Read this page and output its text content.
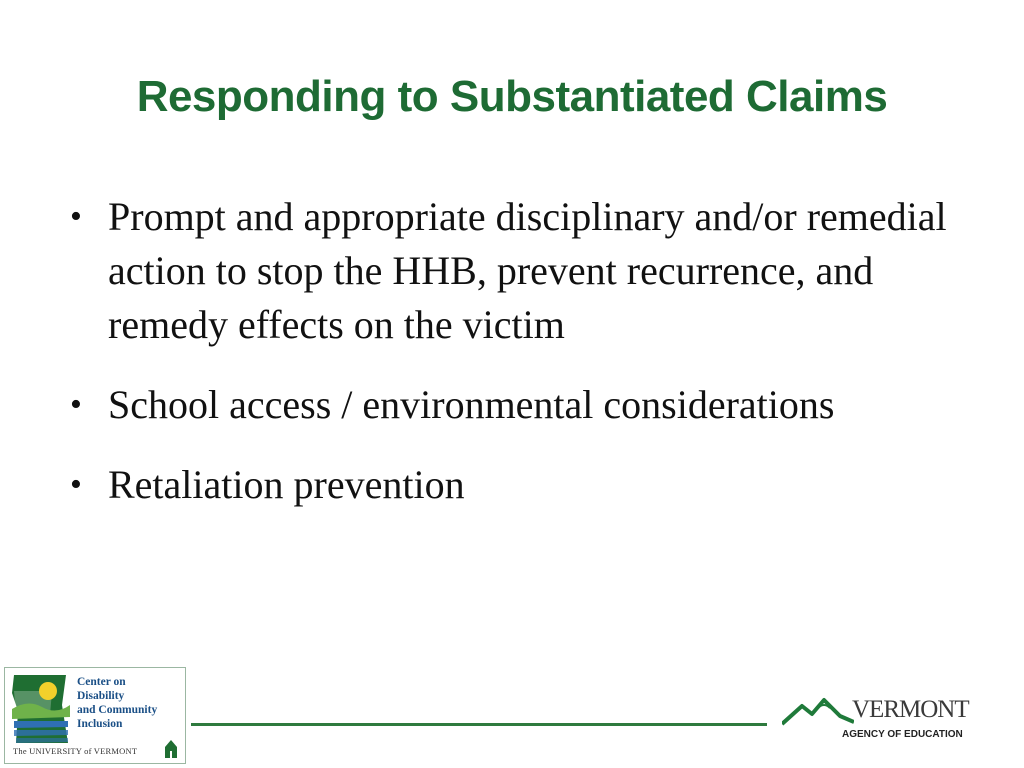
Responding to Substantiated Claims
• Prompt and appropriate disciplinary and/or remedial action to stop the HHB, prevent recurrence, and remedy effects on the victim
• School access / environmental considerations
• Retaliation prevention
Center on
Disability
and Community
Inclusion
The UNIVERSITY of VERMONT
VERMONT
AGENCY OF EDUCATION
